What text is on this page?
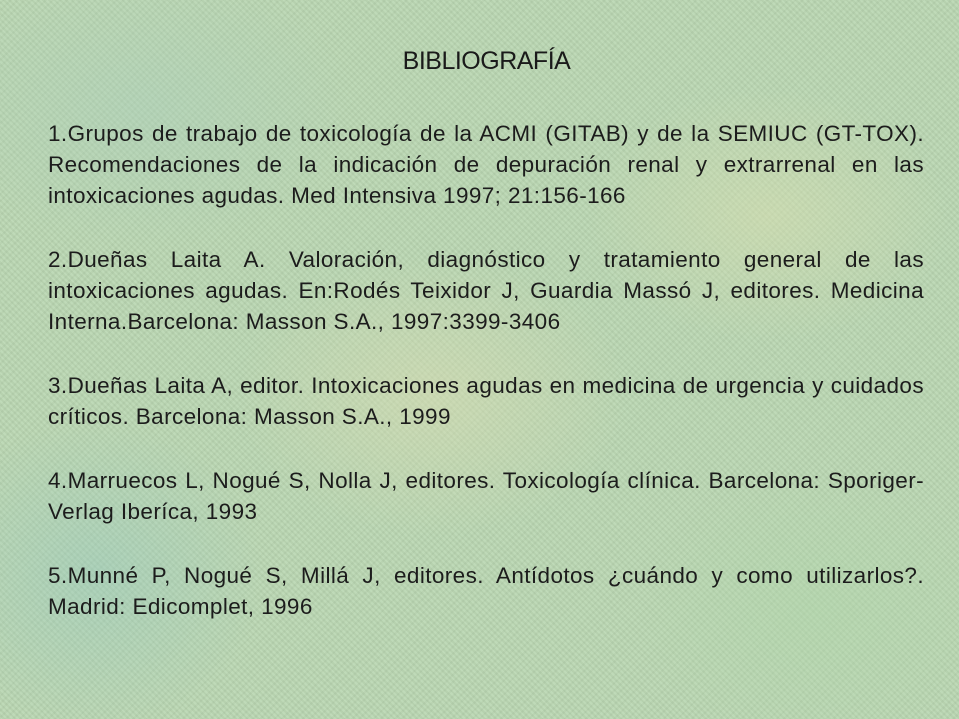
BIBLIOGRAFÍA

1.Grupos de trabajo de toxicología de la ACMI (GITAB) y de la SEMIUC (GT-TOX). Recomendaciones de la indicación de depuración renal y extrarrenal en las intoxicaciones agudas. Med Intensiva 1997; 21:156-166

2.Dueñas Laita A. Valoración, diagnóstico y tratamiento general de las intoxicaciones agudas. En:Rodés Teixidor J, Guardia Massó J, editores. Medicina Interna.Barcelona: Masson S.A., 1997:3399-3406

3.Dueñas Laita A, editor. Intoxicaciones agudas en medicina de urgencia y cuidados críticos. Barcelona: Masson S.A., 1999

4.Marruecos L, Nogué S, Nolla J, editores. Toxicología clínica. Barcelona: Sporiger-Verlag Iberíca, 1993

5.Munné P, Nogué S, Millá J, editores. Antídotos ¿cuándo y como utilizarlos?. Madrid: Edicomplet, 1996
